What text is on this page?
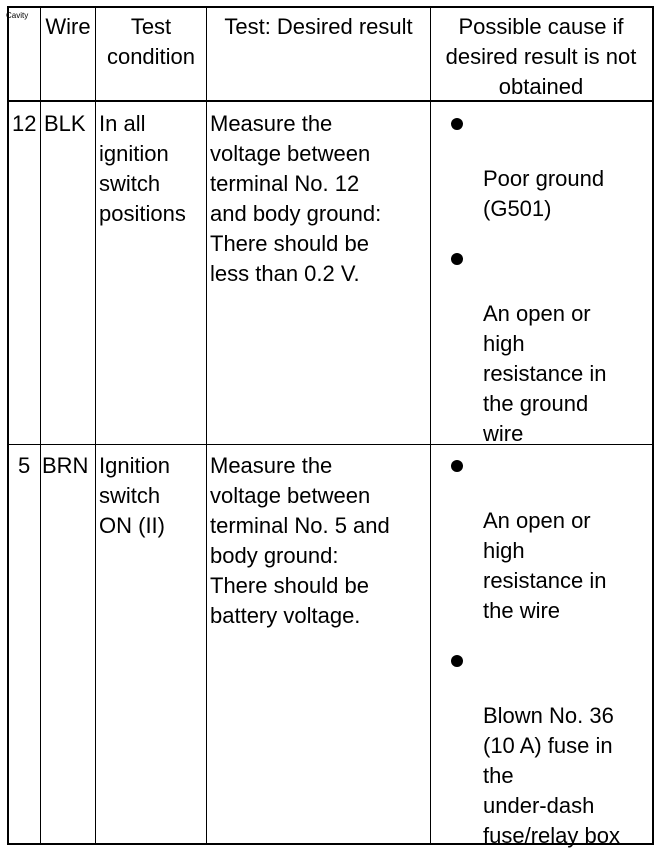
Cavity Wire	Test
condition
Test: Desired result	Possible cause if
desired result is not
obtained
12 BLK In all
ignition
switch
positions
Measure the
voltage between
terminal No. 12
and body ground:
There should be
less than 0.2 V.
Poor ground
(G501)
An open or
high
resistance in
the ground
wire
5 BRN Ignition
switch
ON (II)
Measure the
voltage between
terminal No. 5 and
body ground:
There should be
battery voltage.
An open or
high
resistance in
the wire
Blown No. 36
(10 A) fuse in
the
under-dash
fuse/relay box
